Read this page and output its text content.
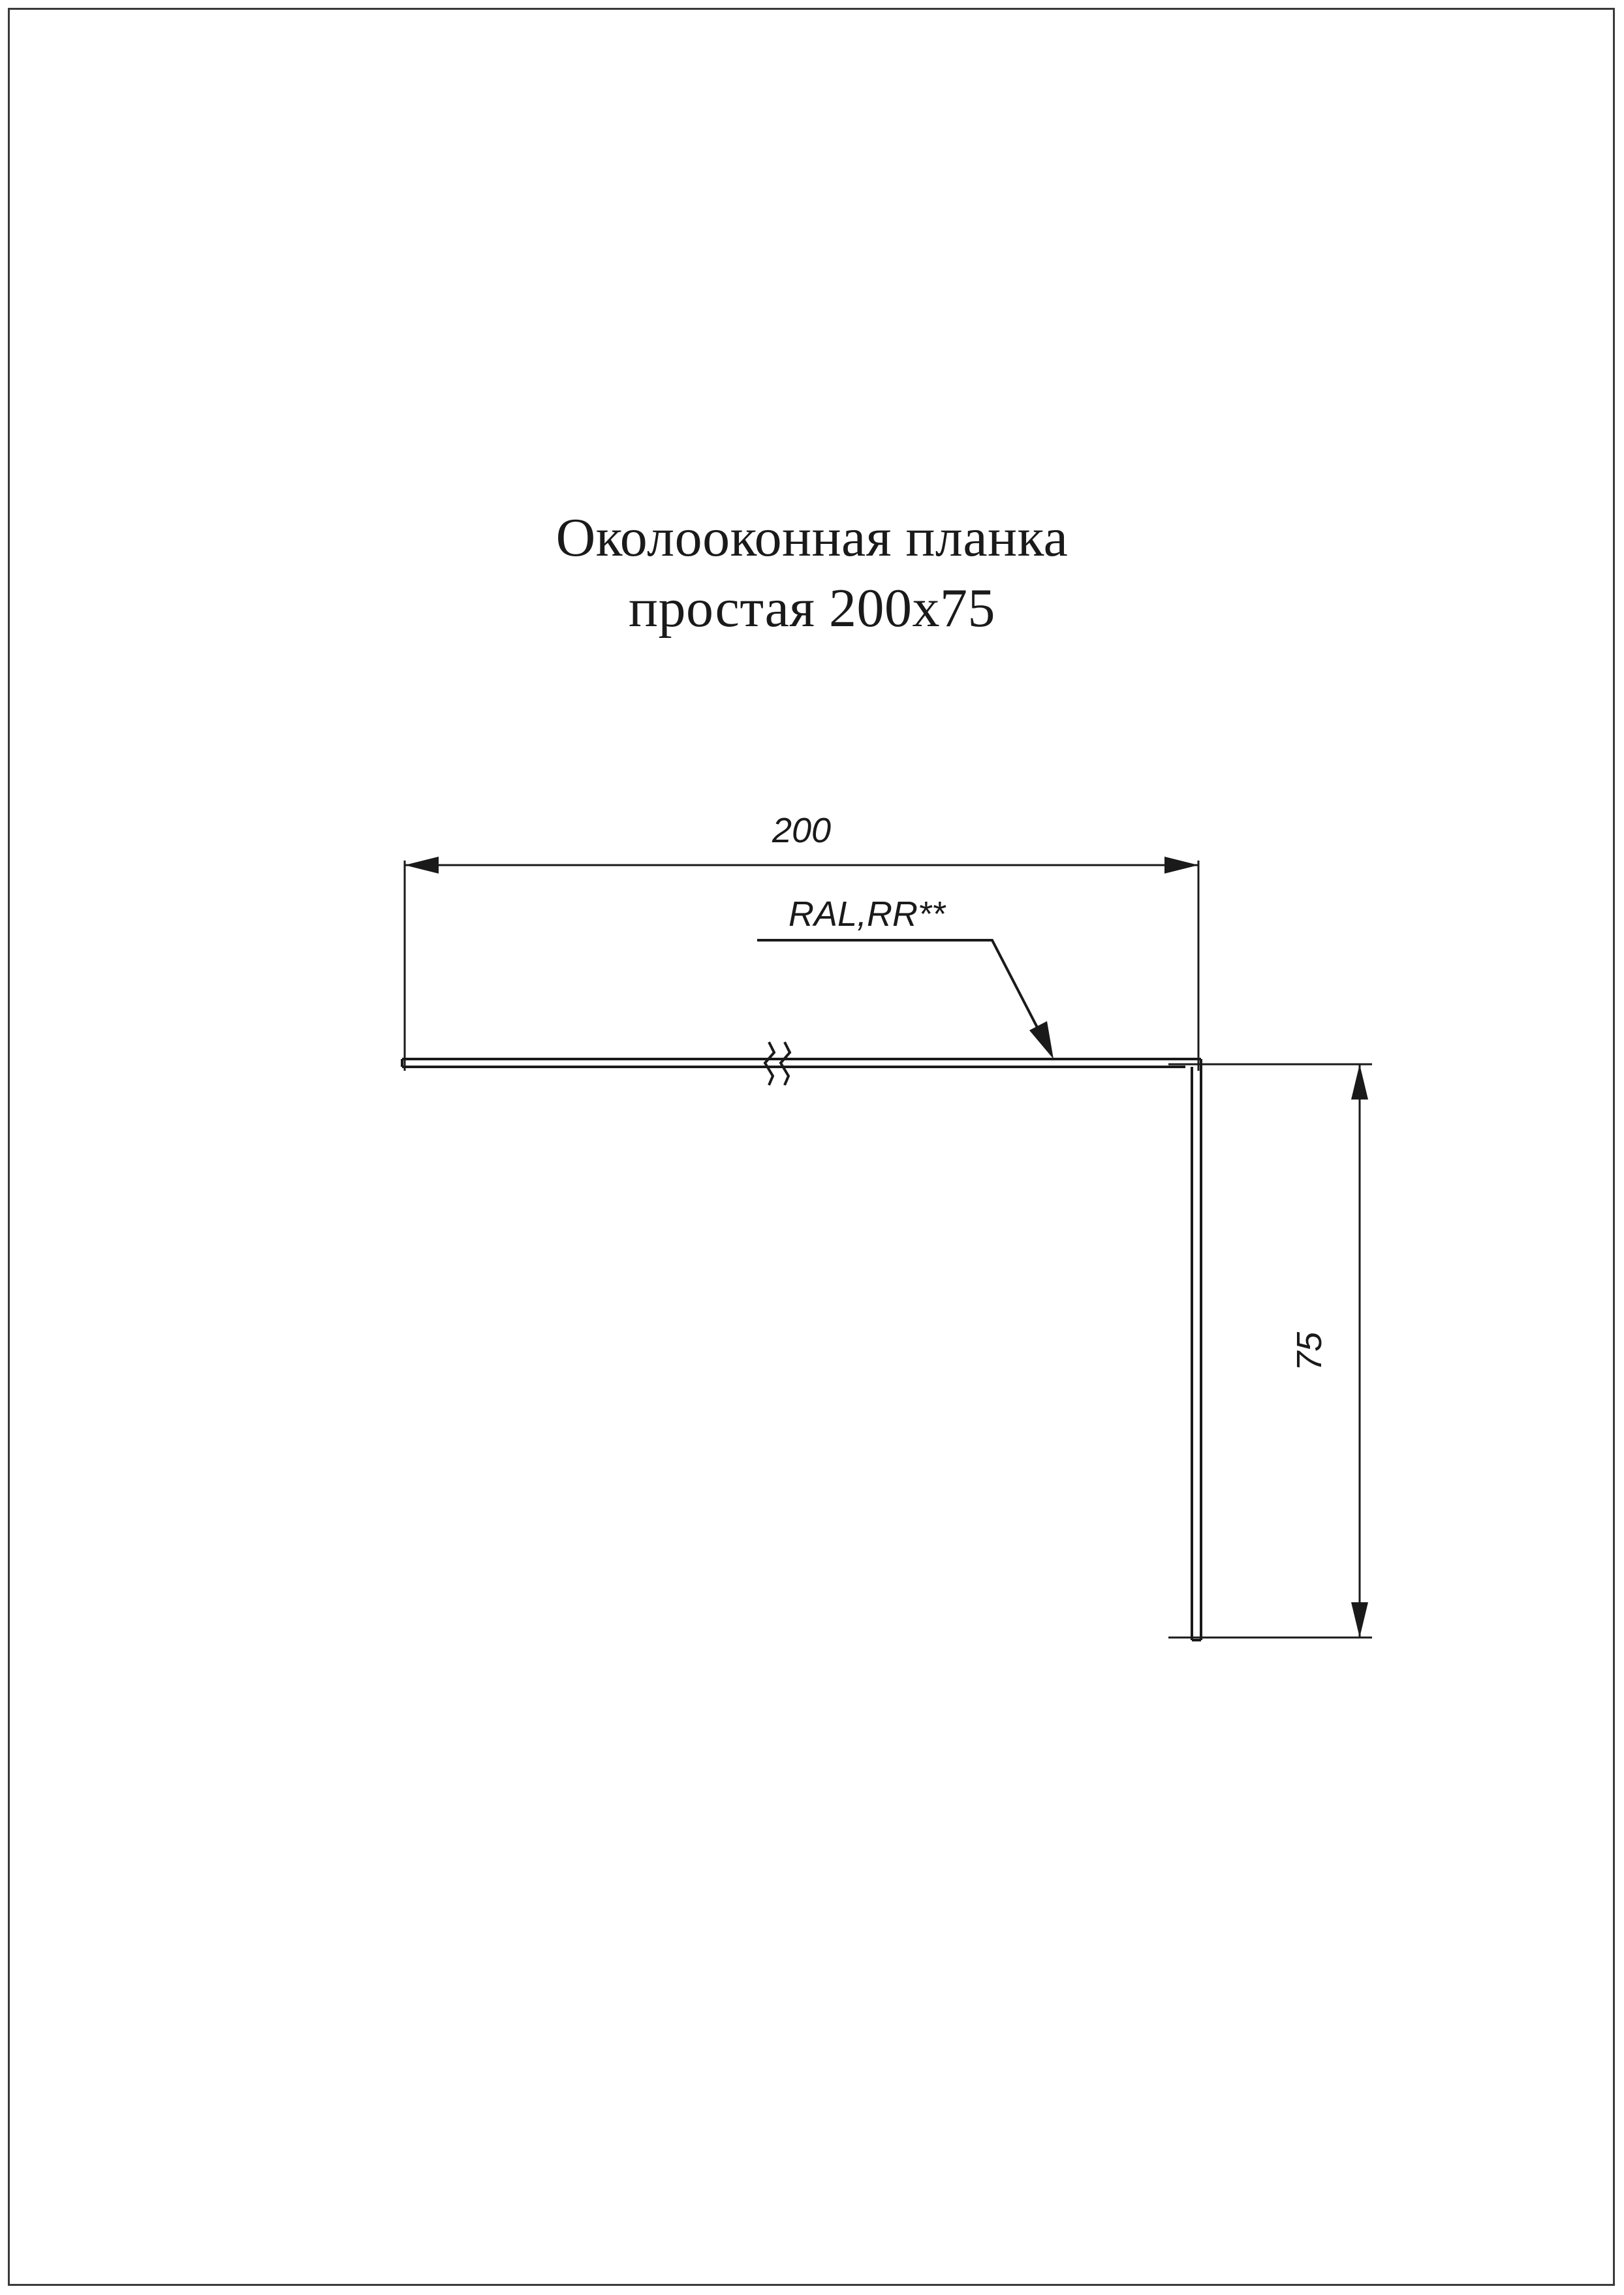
Околооконная планка
простая 200x75
200
RAL,RR**
75
